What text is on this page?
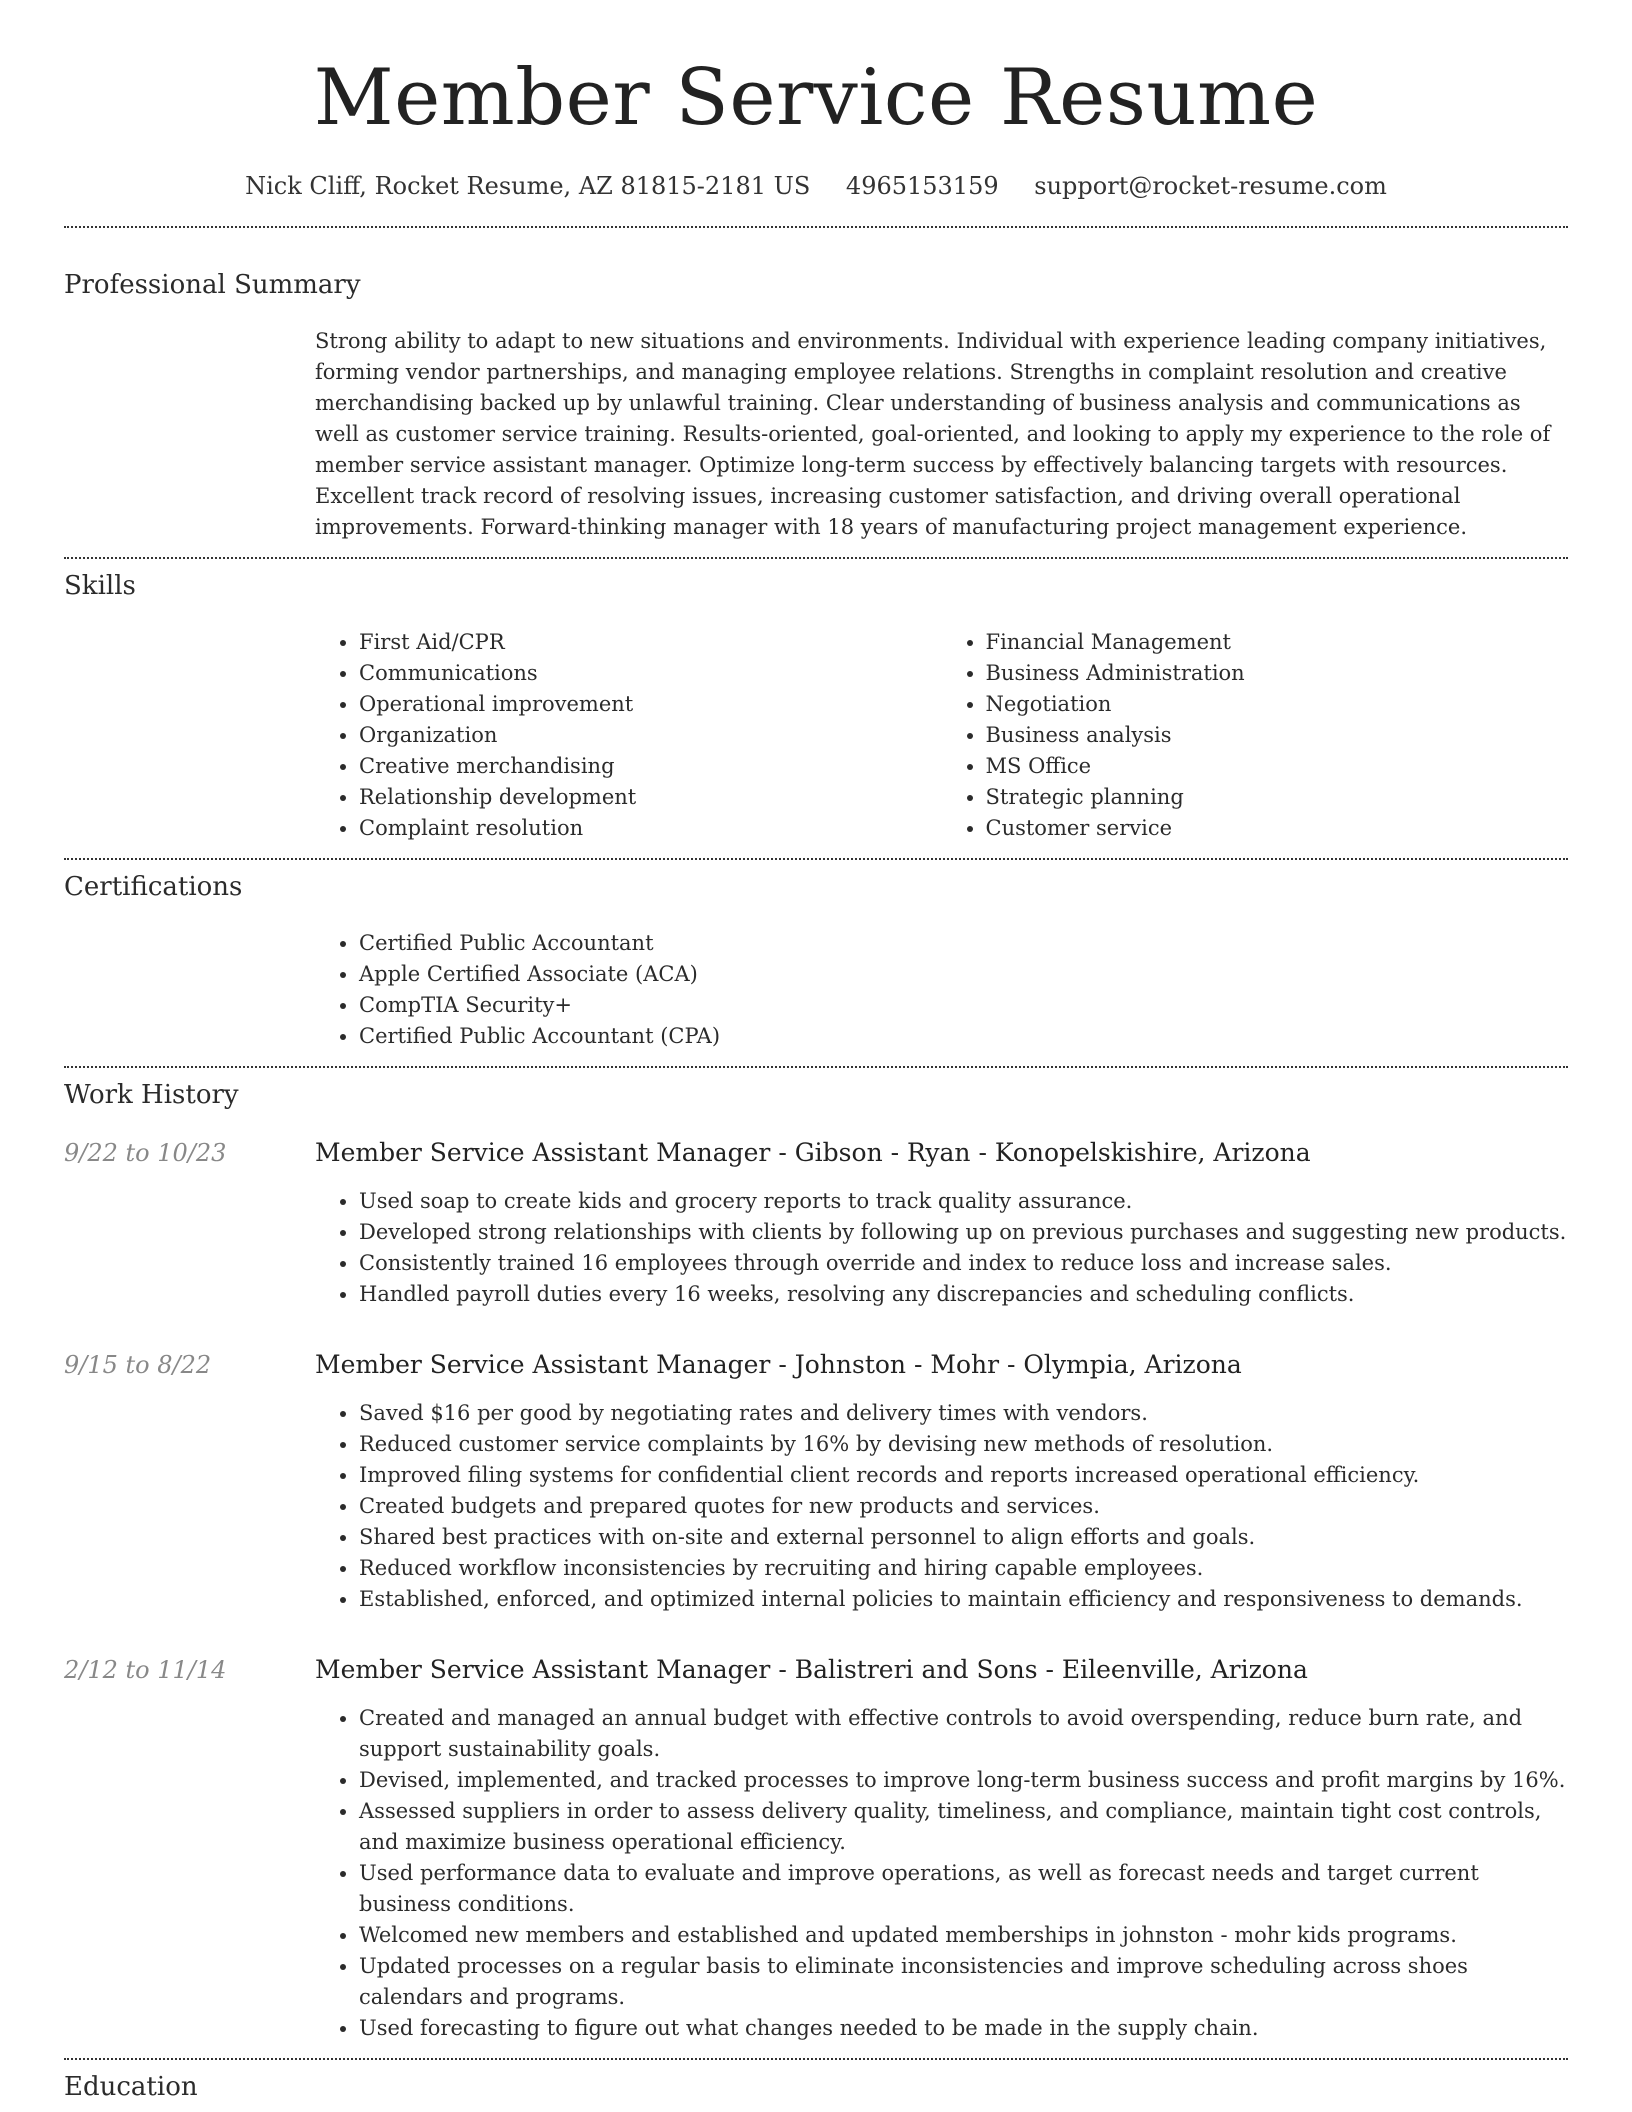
Member Service Resume
Nick Cliff, Rocket Resume, AZ 81815-2181 US 4965153159 support@rocket-resume.com
Professional Summary
Strong ability to adapt to new situations and environments. Individual with experience leading company initiatives, forming vendor partnerships, and managing employee relations. Strengths in complaint resolution and creative merchandising backed up by unlawful training. Clear understanding of business analysis and communications as well as customer service training. Results-oriented, goal-oriented, and looking to apply my experience to the role of member service assistant manager. Optimize long-term success by effectively balancing targets with resources. Excellent track record of resolving issues, increasing customer satisfaction, and driving overall operational improvements. Forward-thinking manager with 18 years of manufacturing project management experience.
Skills
• First Aid/CPR
• Communications
• Operational improvement
• Organization
• Creative merchandising
• Relationship development
• Complaint resolution
• Financial Management
• Business Administration
• Negotiation
• Business analysis
• MS Office
• Strategic planning
• Customer service
Certifications
• Certified Public Accountant
• Apple Certified Associate (ACA)
• CompTIA Security+
• Certified Public Accountant (CPA)
Work History
9/22 to 10/23	Member Service Assistant Manager - Gibson - Ryan - Konopelskishire, Arizona
• Used soap to create kids and grocery reports to track quality assurance.
• Developed strong relationships with clients by following up on previous purchases and suggesting new products.
• Consistently trained 16 employees through override and index to reduce loss and increase sales.
• Handled payroll duties every 16 weeks, resolving any discrepancies and scheduling conflicts.
9/15 to 8/22	Member Service Assistant Manager - Johnston - Mohr - Olympia, Arizona
• Saved $16 per good by negotiating rates and delivery times with vendors.
• Reduced customer service complaints by 16% by devising new methods of resolution.
• Improved filing systems for confidential client records and reports increased operational efficiency.
• Created budgets and prepared quotes for new products and services.
• Shared best practices with on-site and external personnel to align efforts and goals.
• Reduced workflow inconsistencies by recruiting and hiring capable employees.
• Established, enforced, and optimized internal policies to maintain efficiency and responsiveness to demands.
2/12 to 11/14	Member Service Assistant Manager - Balistreri and Sons - Eileenville, Arizona
• Created and managed an annual budget with effective controls to avoid overspending, reduce burn rate, and support sustainability goals.
• Devised, implemented, and tracked processes to improve long-term business success and profit margins by 16%.
• Assessed suppliers in order to assess delivery quality, timeliness, and compliance, maintain tight cost controls, and maximize business operational efficiency.
• Used performance data to evaluate and improve operations, as well as forecast needs and target current business conditions.
• Welcomed new members and established and updated memberships in johnston - mohr kids programs.
• Updated processes on a regular basis to eliminate inconsistencies and improve scheduling across shoes calendars and programs.
• Used forecasting to figure out what changes needed to be made in the supply chain.
Education
